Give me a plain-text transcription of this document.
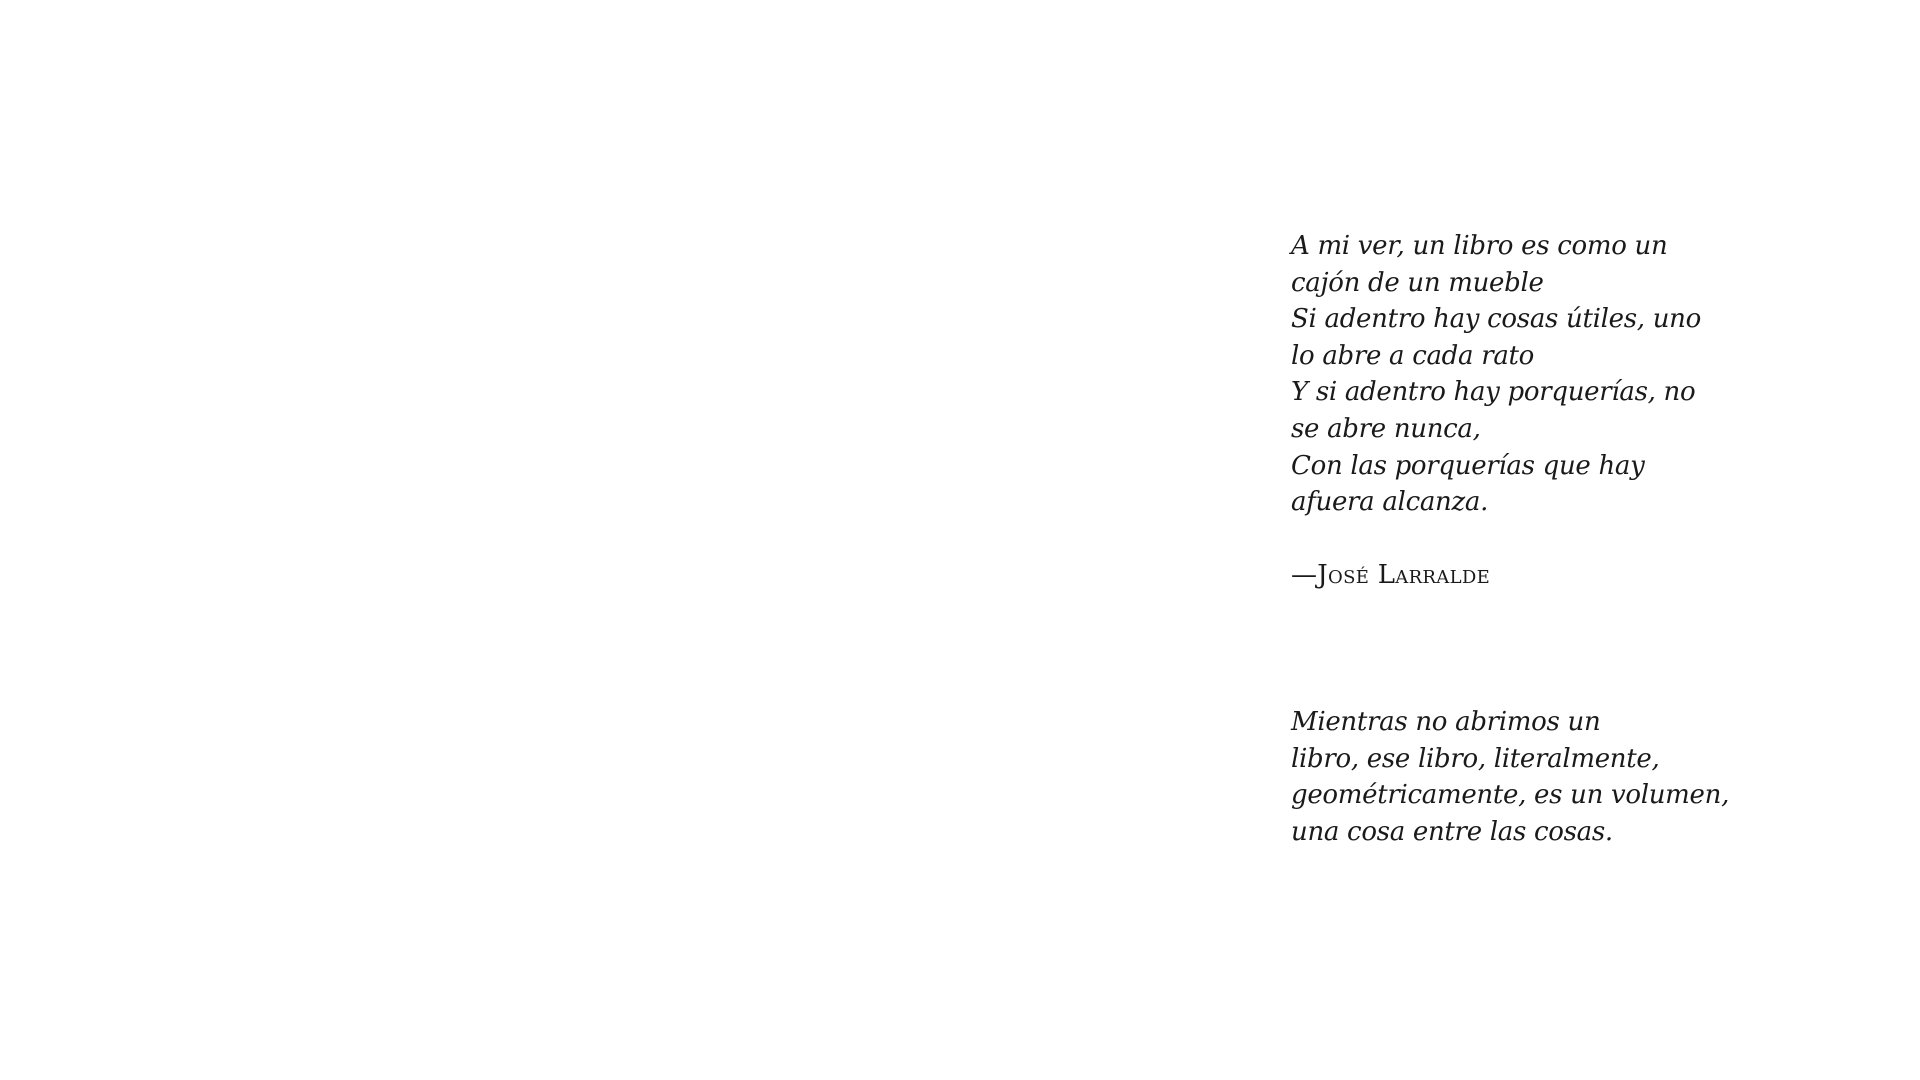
A mi ver, un libro es como un
cajón de un mueble
Si adentro hay cosas útiles, uno
lo abre a cada rato
Y si adentro hay porquerías, no
se abre nunca,
Con las porquerías que hay
afuera alcanza.
—José Larralde
Mientras no abrimos un
libro, ese libro, literalmente,
geométricamente, es un volumen,
una cosa entre las cosas.
